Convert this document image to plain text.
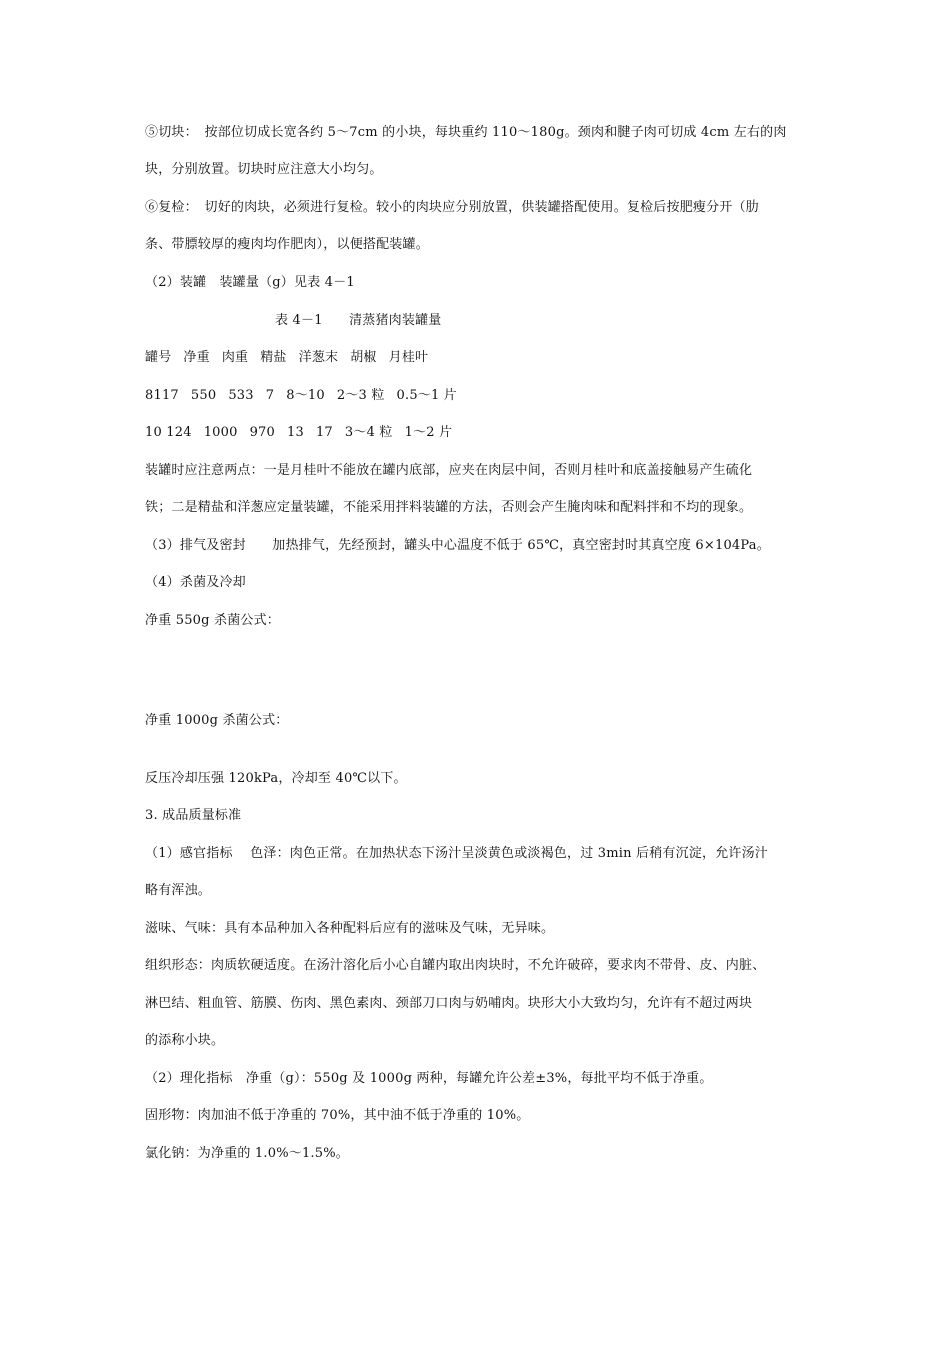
⑤切块：　按部位切成长宽各约 5～7cm 的小块，每块重约 110～180g。颈肉和腱子肉可切成 4cm 左右的肉
块，分别放置。切块时应注意大小均匀。
⑥复检：　切好的肉块，必须进行复检。较小的肉块应分别放置，供装罐搭配使用。复检后按肥瘦分开（肋
条、带膘较厚的瘦肉均作肥肉），以便搭配装罐。
（2）装罐　装罐量（g）见表 4－1
表 4－1　　清蒸猪肉装罐量
罐号 净重 肉重 精盐 洋葱末 胡椒 月桂叶
8117 550 533 7 8～10 2～3 粒 0.5～1 片
10 124 1000 970 13 17 3～4 粒 1～2 片
装罐时应注意两点：一是月桂叶不能放在罐内底部，应夹在肉层中间，否则月桂叶和底盖接触易产生硫化
铁；二是精盐和洋葱应定量装罐，不能采用拌料装罐的方法，否则会产生腌肉味和配料拌和不均的现象。
（3）排气及密封　　加热排气，先经预封，罐头中心温度不低于 65℃，真空密封时其真空度 6×104Pa。
（4）杀菌及冷却
净重 550g 杀菌公式：
净重 1000g 杀菌公式：
反压冷却压强 120kPa，冷却至 40℃以下。
3. 成品质量标准
（1）感官指标　 色泽：肉色正常。在加热状态下汤汁呈淡黄色或淡褐色，过 3min 后稍有沉淀，允许汤汁
略有浑浊。
滋味、气味：具有本品种加入各种配料后应有的滋味及气味，无异味。
组织形态：肉质软硬适度。在汤汁溶化后小心自罐内取出肉块时，不允许破碎，要求肉不带骨、皮、内脏、
淋巴结、粗血管、筋膜、伤肉、黑色素肉、颈部刀口肉与奶哺肉。块形大小大致均匀，允许有不超过两块
的添称小块。
（2）理化指标　净重（g）：550g 及 1000g 两种，每罐允许公差±3%，每批平均不低于净重。
固形物：肉加油不低于净重的 70%，其中油不低于净重的 10%。
氯化钠：为净重的 1.0%～1.5%。
